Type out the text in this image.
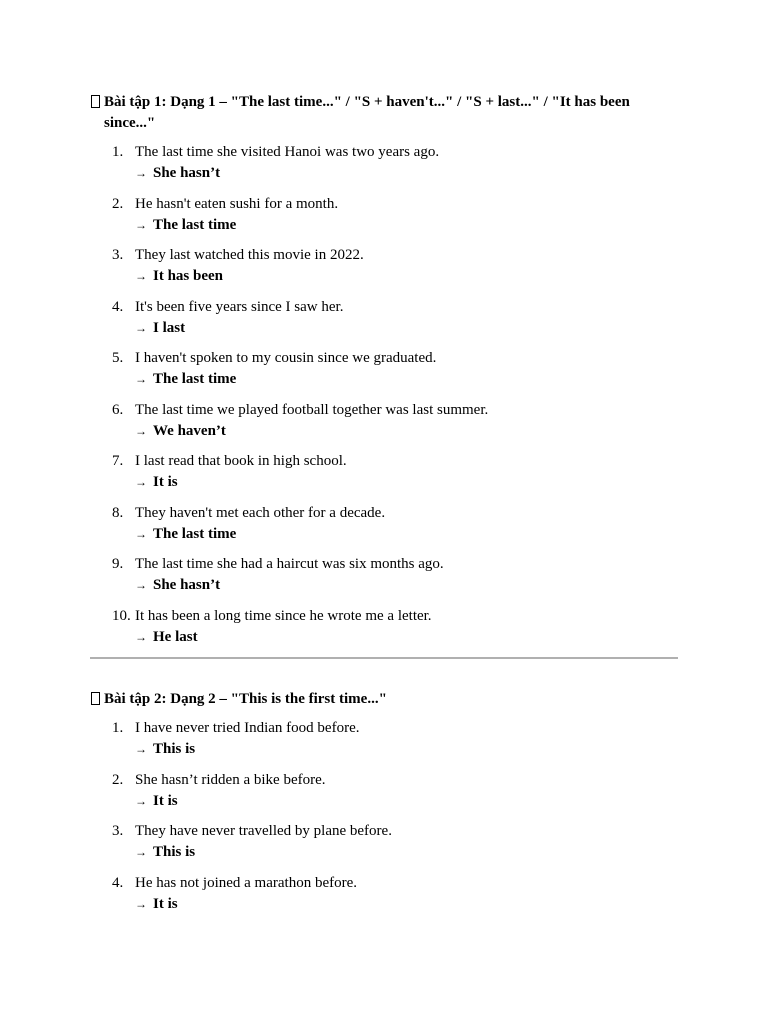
Bài tập 1: Dạng 1 – "The last time..." / "S + haven't..." / "S + last..." / "It has been since..."
1. The last time she visited Hanoi was two years ago.
→ She hasn’t
2. He hasn't eaten sushi for a month.
→ The last time
3. They last watched this movie in 2022.
→ It has been
4. It's been five years since I saw her.
→ I last
5. I haven't spoken to my cousin since we graduated.
→ The last time
6. The last time we played football together was last summer.
→ We haven’t
7. I last read that book in high school.
→ It is
8. They haven't met each other for a decade.
→ The last time
9. The last time she had a haircut was six months ago.
→ She hasn’t
10. It has been a long time since he wrote me a letter.
→ He last
Bài tập 2: Dạng 2 – "This is the first time..."
1. I have never tried Indian food before.
→ This is
2. She hasn’t ridden a bike before.
→ It is
3. They have never travelled by plane before.
→ This is
4. He has not joined a marathon before.
→ It is
